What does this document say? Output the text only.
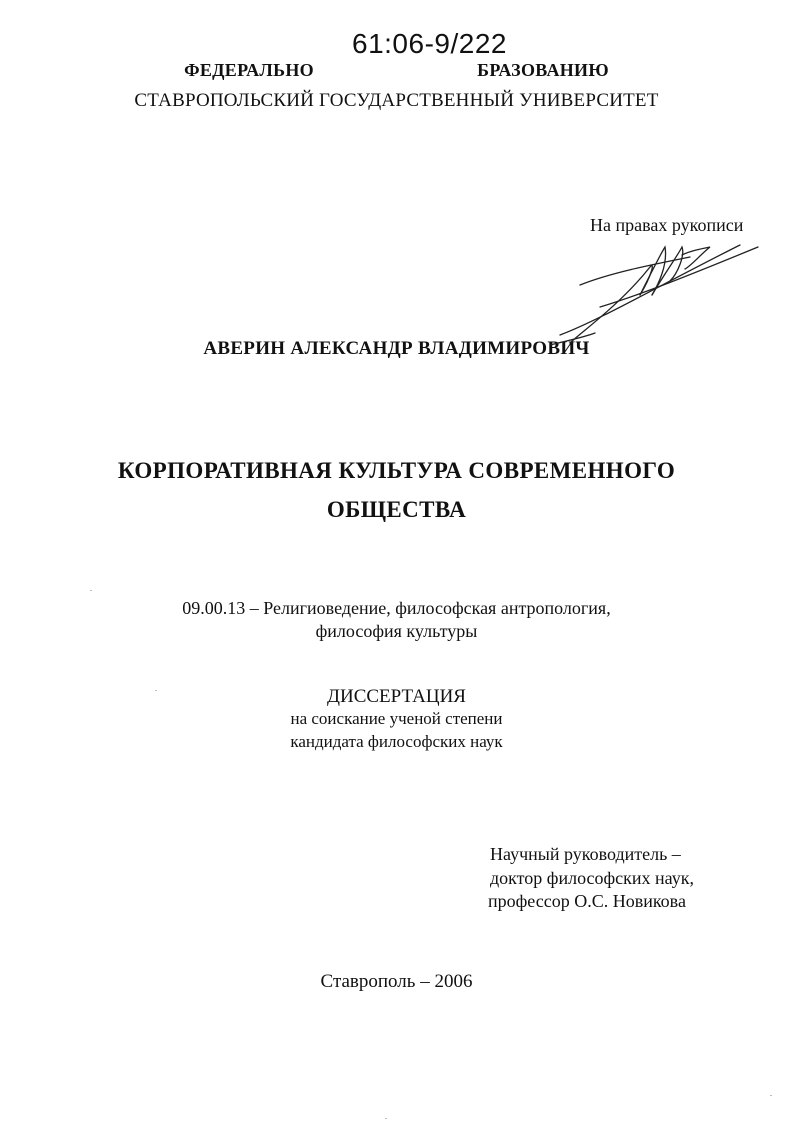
61:06-9/222
ФЕДЕРАЛЬНО                                  БРАЗОВАНИЮ
СТАВРОПОЛЬСКИЙ ГОСУДАРСТВЕННЫЙ УНИВЕРСИТЕТ
На правах рукописи
АВЕРИН АЛЕКСАНДР ВЛАДИМИРОВИЧ
КОРПОРАТИВНАЯ КУЛЬТУРА СОВРЕМЕННОГО
ОБЩЕСТВА
09.00.13 – Религиоведение, философская антропология,
философия культуры
ДИССЕРТАЦИЯ
на соискание ученой степени
кандидата философских наук
Научный руководитель –
доктор философских наук,
профессор О.С. Новикова
Ставрополь – 2006
